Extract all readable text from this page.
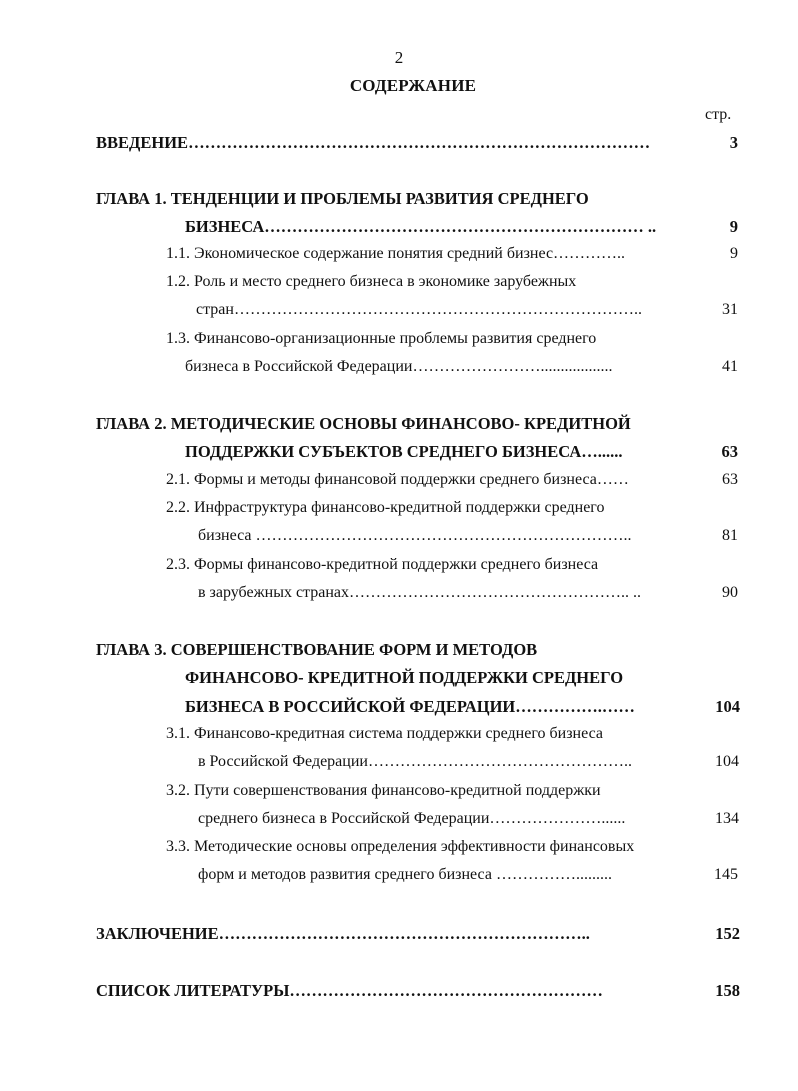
2
СОДЕРЖАНИЕ
стр.
ВВЕДЕНИЕ…………………………………………………………………………	3
ГЛАВА 1. ТЕНДЕНЦИИ И ПРОБЛЕМЫ РАЗВИТИЯ СРЕДНЕГО
БИЗНЕСА…………………………………………………………… ..	9
1.1. Экономическое содержание понятия средний бизнес…………..	9
1.2. Роль и место среднего бизнеса в экономике зарубежных
стран…………………………………………………………………..	31
1.3. Финансово-организационные проблемы развития среднего
бизнеса в Российской Федерации……………………..................	41
ГЛАВА 2. МЕТОДИЧЕСКИЕ ОСНОВЫ ФИНАНСОВО- КРЕДИТНОЙ
ПОДДЕРЖКИ СУБЪЕКТОВ СРЕДНЕГО БИЗНЕСА…......	63
2.1. Формы и методы финансовой поддержки среднего бизнеса……	63
2.2. Инфраструктура финансово-кредитной поддержки среднего
бизнеса ……………………………………………………………..	81
2.3. Формы финансово-кредитной поддержки среднего бизнеса
в зарубежных странах…………………………………………….. ..	90
ГЛАВА 3. СОВЕРШЕНСТВОВАНИЕ ФОРМ И МЕТОДОВ
ФИНАНСОВО- КРЕДИТНОЙ ПОДДЕРЖКИ СРЕДНЕГО
БИЗНЕСА В РОССИЙСКОЙ ФЕДЕРАЦИИ…………….……	104
3.1. Финансово-кредитная система поддержки среднего бизнеса
в Российской Федерации…………………………………………..	104
3.2. Пути совершенствования финансово-кредитной поддержки
среднего бизнеса в Российской Федерации…………………......	134
3.3. Методические основы определения эффективности финансовых
форм и методов развития среднего бизнеса …………….........	145
ЗАКЛЮЧЕНИЕ…………………………………………………………..	152
СПИСОК ЛИТЕРАТУРЫ…………………………………………………	158
